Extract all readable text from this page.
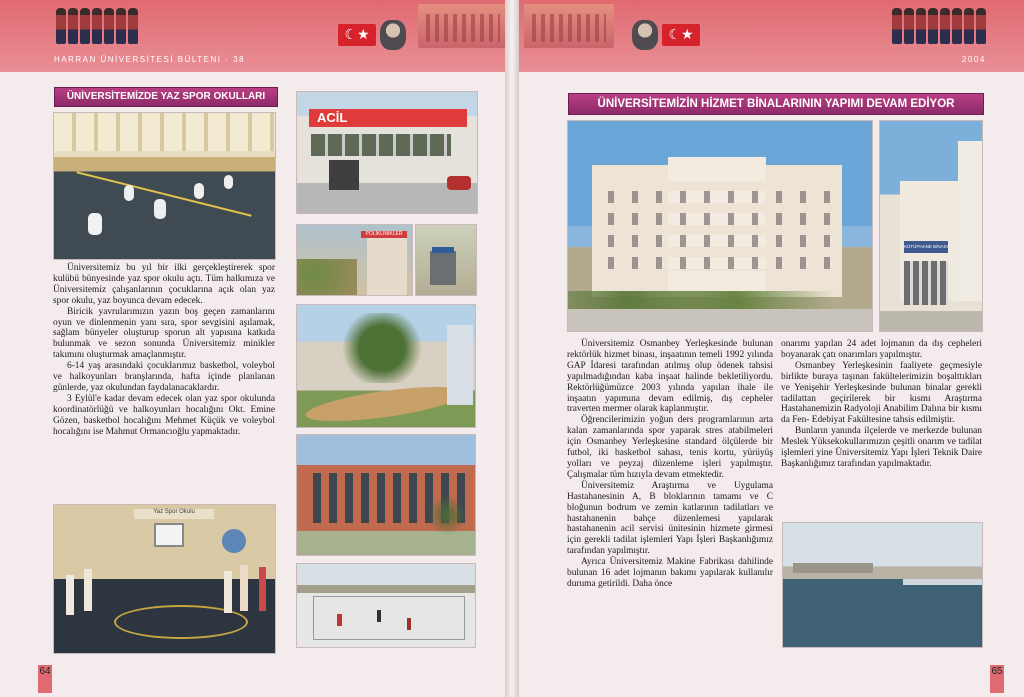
☾★
HARRAN ÜNİVERSİTESİ BÜLTENİ · 38
ÜNİVERSİTEMİZDE YAZ SPOR OKULLARI

Üniversitemiz bu yıl bir ilki gerçekleştirerek spor kulübü bünyesinde yaz spor okulu açtı. Tüm halkımıza ve Üniversitemiz çalışanlarının çocuklarına açık olan yaz spor okulu, yaz boyunca devam edecek.

Biricik yavrularımızın yazın boş geçen zamanlarını oyun ve dinlenmenin yanı sıra, spor sevgisini aşılamak, sağlam bünyeler oluşturup sporun alt yapısına katkıda bulunmak ve sezon sonunda Üniversitemiz minikler takımını oluşturmak amaçlanmıştır.

6-14 yaş arasındaki çocuklarımız basketbol, voleybol ve halkoyunları branşlarında, hafta içinde planlanan günlerde, yaz okulundan faydalanacaklardır.

3 Eylül'e kadar devam edecek olan yaz spor okulunda koordinatörlüğü ve halkoyunları hocalığını Okt. Emine Gözen, basketbol hocalığını Mehmet Küçük ve voleybol hocalığını ise Mahmut Ormancıoğlu yapmaktadır.

Yaz Spor Okulu
ACİL
POLİKLİNİKLER
64
☾★
2004
ÜNİVERSİTEMİZİN HİZMET BİNALARININ YAPIMI DEVAM EDİYOR
KÜTÜPHANE BİNASI

Üniversitemiz Osmanbey Yerleşkesinde bulunan rektörlük hizmet binası, inşaatının temeli 1992 yılında GAP İdaresi tarafından atılmış olup ödenek tahsisi yapılmadığından kaba inşaat halinde bekletiliyordu. Rektörlüğümüzce 2003 yılında yapılan ihale ile inşaatın yapımına devam edilmiş, dış cepheler traverten mermer olarak kaplanmıştır.

Öğrencilerimizin yoğun ders programlarının arta kalan zamanlarında spor yaparak stres atabilmeleri için Osmanbey Yerleşkesine standard ölçülerde bir futbol, iki basketbol sahası, tenis kortu, yürüyüş yolları ve peyzaj düzenleme işleri yapılmıştır. Çalışmalar tüm hızıyla devam etmektedir.

Üniversitemiz Araştırma ve Uygulama Hastahanesinin A, B bloklarının tamamı ve C bloğunun bodrum ve zemin katlarının tadilatları ve hastahanenin bahçe düzenlemesi yapılarak hastahanenin acil servisi ünitesinin hizmete girmesi için gerekli tadilat işlemleri Yapı İşleri Başkanlığımız tarafından yapılmıştır.

Ayrıca Üniversitemiz Makine Fabrikası dahilinde bulunan 16 adet lojmanın bakımı yapılarak kullanılır duruma getirildi. Daha önce

onarımı yapılan 24 adet lojmanın da dış cepheleri boyanarak çatı onarımları yapılmıştır.

Osmanbey Yerleşkesinin faaliyete geçmesiyle birlikte buraya taşınan fakültelerimizin boşalttıkları ve Yenişehir Yerleşkesinde bulunan binalar gerekli tadilattan geçirilerek bir kısmı Araştırma Hastahanemizin Radyoloji Anabilim Dalına bir kısmı da Fen- Edebiyat Fakültesine tahsis edilmiştir.

Bunların yanında ilçelerde ve merkezde bulunan Meslek Yüksekokullarımızın çeşitli onarım ve tadilat işlemleri yine Üniversitemiz Yapı İşleri Teknik Daire Başkanlığımız tarafından yapılmaktadır.

65
